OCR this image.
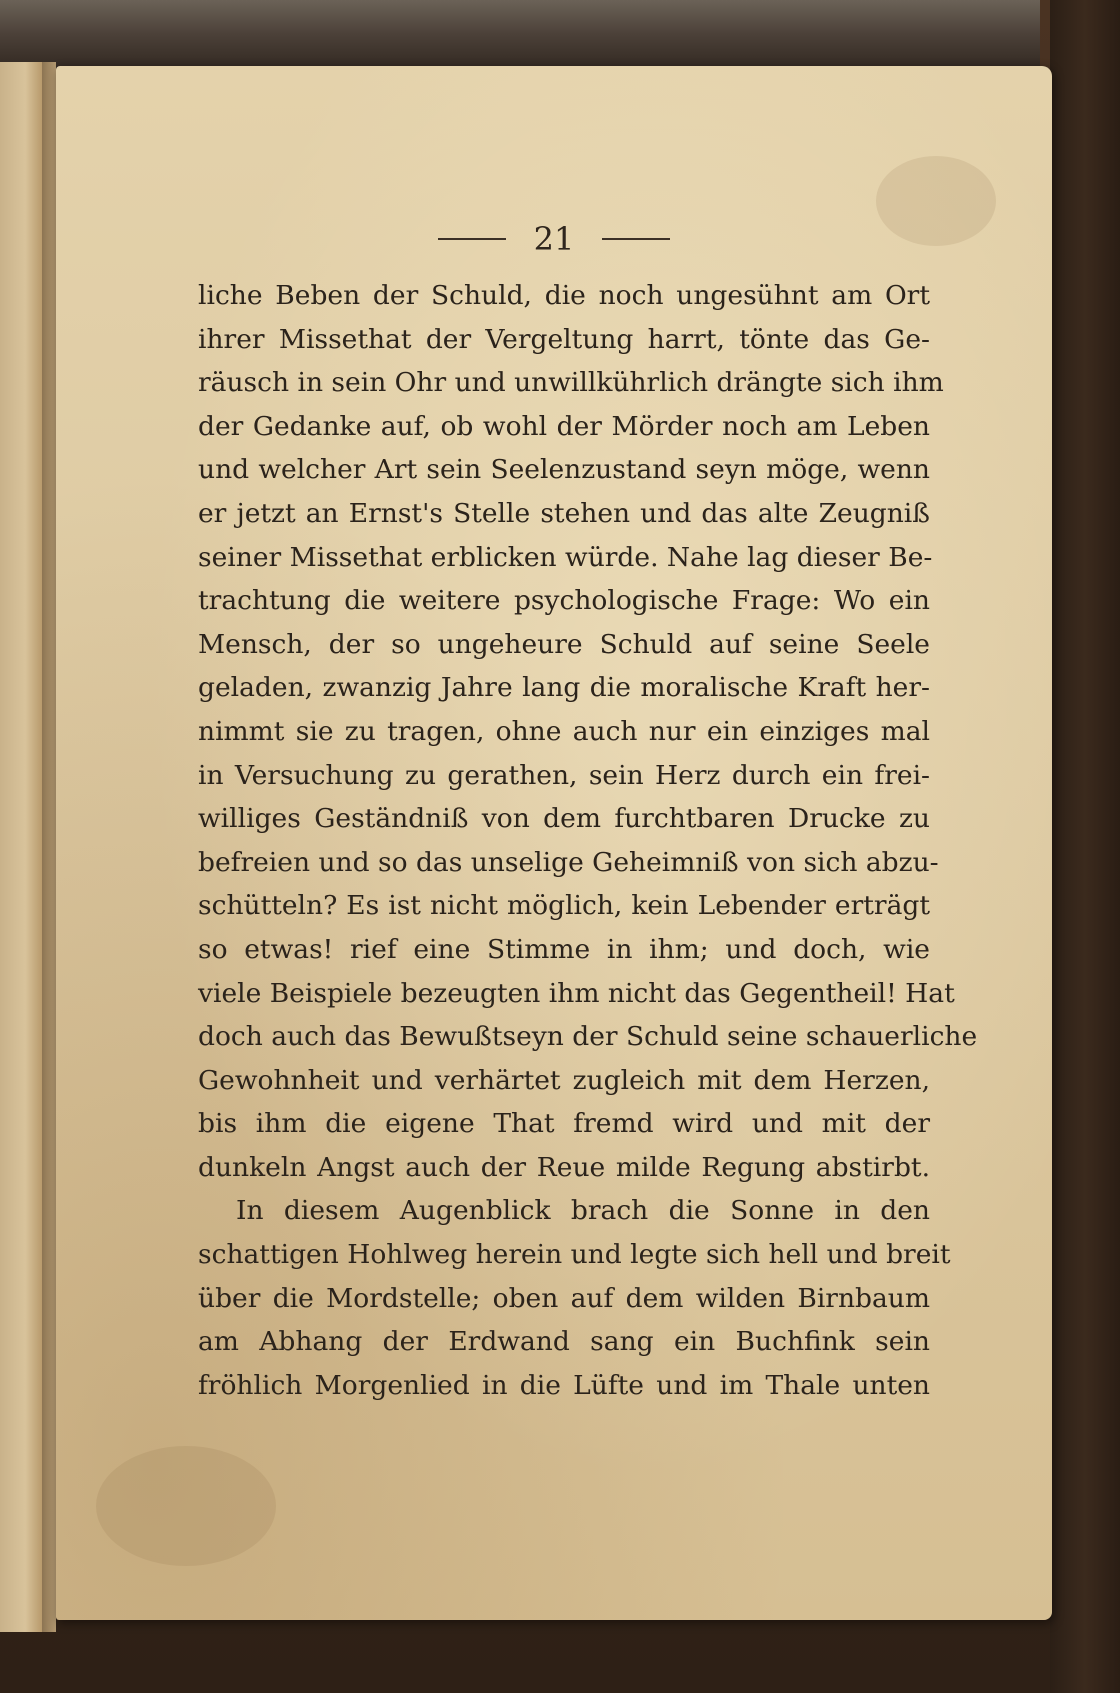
21
liche Beben der Schuld, die noch ungesühnt am Ort
ihrer Missethat der Vergeltung harrt, tönte das Ge-
räusch in sein Ohr und unwillkührlich drängte sich ihm
der Gedanke auf, ob wohl der Mörder noch am Leben
und welcher Art sein Seelenzustand seyn möge, wenn
er jetzt an Ernst's Stelle stehen und das alte Zeugniß
seiner Missethat erblicken würde. Nahe lag dieser Be-
trachtung die weitere psychologische Frage: Wo ein
Mensch, der so ungeheure Schuld auf seine Seele
geladen, zwanzig Jahre lang die moralische Kraft her-
nimmt sie zu tragen, ohne auch nur ein einziges mal
in Versuchung zu gerathen, sein Herz durch ein frei-
williges Geständniß von dem furchtbaren Drucke zu
befreien und so das unselige Geheimniß von sich abzu-
schütteln? Es ist nicht möglich, kein Lebender erträgt
so etwas! rief eine Stimme in ihm; und doch, wie
viele Beispiele bezeugten ihm nicht das Gegentheil! Hat
doch auch das Bewußtseyn der Schuld seine schauerliche
Gewohnheit und verhärtet zugleich mit dem Herzen,
bis ihm die eigene That fremd wird und mit der
dunkeln Angst auch der Reue milde Regung abstirbt.
In diesem Augenblick brach die Sonne in den
schattigen Hohlweg herein und legte sich hell und breit
über die Mordstelle; oben auf dem wilden Birnbaum
am Abhang der Erdwand sang ein Buchfink sein
fröhlich Morgenlied in die Lüfte und im Thale unten
